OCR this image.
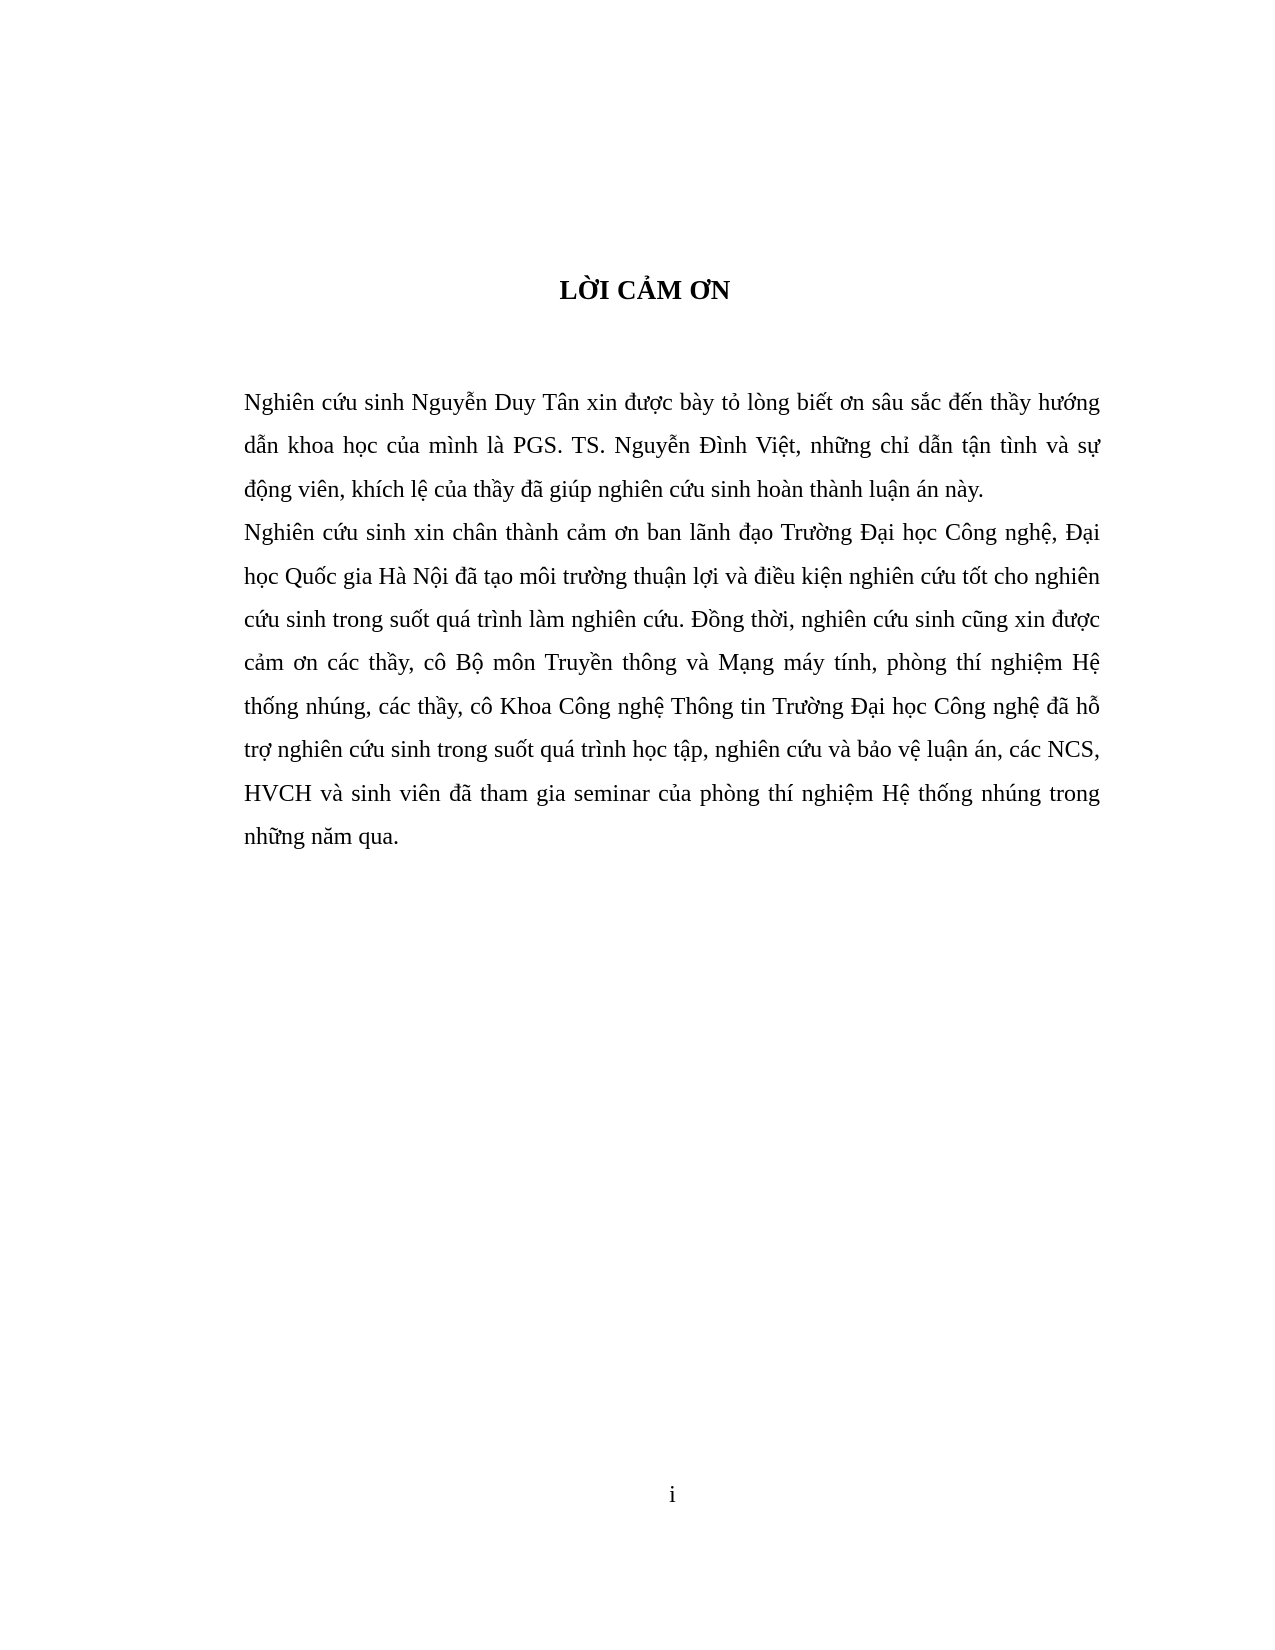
LỜI CẢM ƠN

Nghiên cứu sinh Nguyễn Duy Tân xin được bày tỏ lòng biết ơn sâu sắc đến thầy hướng dẫn khoa học của mình là PGS. TS. Nguyễn Đình Việt, những chỉ dẫn tận tình và sự động viên, khích lệ của thầy đã giúp nghiên cứu sinh hoàn thành luận án này.

Nghiên cứu sinh xin chân thành cảm ơn ban lãnh đạo Trường Đại học Công nghệ, Đại học Quốc gia Hà Nội đã tạo môi trường thuận lợi và điều kiện nghiên cứu tốt cho nghiên cứu sinh trong suốt quá trình làm nghiên cứu. Đồng thời, nghiên cứu sinh cũng xin được cảm ơn các thầy, cô Bộ môn Truyền thông và Mạng máy tính, phòng thí nghiệm Hệ thống nhúng, các thầy, cô Khoa Công nghệ Thông tin Trường Đại học Công nghệ đã hỗ trợ nghiên cứu sinh trong suốt quá trình học tập, nghiên cứu và bảo vệ luận án, các NCS, HVCH và sinh viên đã tham gia seminar của phòng thí nghiệm Hệ thống nhúng trong những năm qua.

i
